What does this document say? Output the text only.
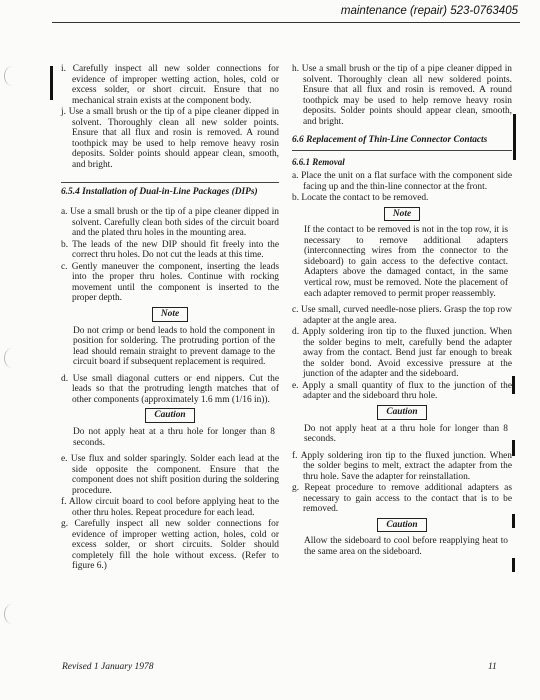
maintenance (repair) 523-0763405

i. Carefully inspect all new solder connections for evidence of improper wetting action, holes, cold or excess solder, or short circuit. Ensure that no mechanical strain exists at the component body.

j. Use a small brush or the tip of a pipe cleaner dipped in solvent. Thoroughly clean all new solder points. Ensure that all flux and rosin is removed. A round toothpick may be used to help remove heavy rosin deposits. Solder points should appear clean, smooth, and bright.

6.5.4 Installation of Dual-in-Line Packages (DIPs)

a. Use a small brush or the tip of a pipe cleaner dipped in solvent. Carefully clean both sides of the circuit board and the plated thru holes in the mounting area.

b. The leads of the new DIP should fit freely into the correct thru holes. Do not cut the leads at this time.

c. Gently maneuver the component, inserting the leads into the proper thru holes. Continue with rocking movement until the component is inserted to the proper depth.

Note

Do not crimp or bend leads to hold the component in position for soldering. The protruding portion of the lead should remain straight to prevent damage to the circuit board if subsequent replacement is required.

d. Use small diagonal cutters or end nippers. Cut the leads so that the protruding length matches that of other components (approximately 1.6 mm (1/16 in)).

Caution

Do not apply heat at a thru hole for longer than 8 seconds.

e. Use flux and solder sparingly. Solder each lead at the side opposite the component. Ensure that the component does not shift position during the soldering procedure.

f. Allow circuit board to cool before applying heat to the other thru holes. Repeat procedure for each lead.

g. Carefully inspect all new solder connections for evidence of improper wetting action, holes, cold or excess solder, or short circuits. Solder should completely fill the hole without excess. (Refer to figure 6.)

h. Use a small brush or the tip of a pipe cleaner dipped in solvent. Thoroughly clean all new soldered points. Ensure that all flux and rosin is removed. A round toothpick may be used to help remove heavy rosin deposits. Solder points should appear clean, smooth, and bright.

6.6 Replacement of Thin-Line Connector Contacts

6.6.1 Removal

a. Place the unit on a flat surface with the component side facing up and the thin-line connector at the front.

b. Locate the contact to be removed.

Note

If the contact to be removed is not in the top row, it is necessary to remove additional adapters (interconnecting wires from the connector to the sideboard) to gain access to the defective contact. Adapters above the damaged contact, in the same vertical row, must be removed. Note the placement of each adapter removed to permit proper reassembly.

c. Use small, curved needle-nose pliers. Grasp the top row adapter at the angle area.

d. Apply soldering iron tip to the fluxed junction. When the solder begins to melt, carefully bend the adapter away from the contact. Bend just far enough to break the solder bond. Avoid excessive pressure at the junction of the adapter and the sideboard.

e. Apply a small quantity of flux to the junction of the adapter and the sideboard thru hole.

Caution

Do not apply heat at a thru hole for longer than 8 seconds.

f. Apply soldering iron tip to the fluxed junction. When the solder begins to melt, extract the adapter from the thru hole. Save the adapter for reinstallation.

g. Repeat procedure to remove additional adapters as necessary to gain access to the contact that is to be removed.

Caution

Allow the sideboard to cool before reapplying heat to the same area on the sideboard.

Revised 1 January 1978	11
